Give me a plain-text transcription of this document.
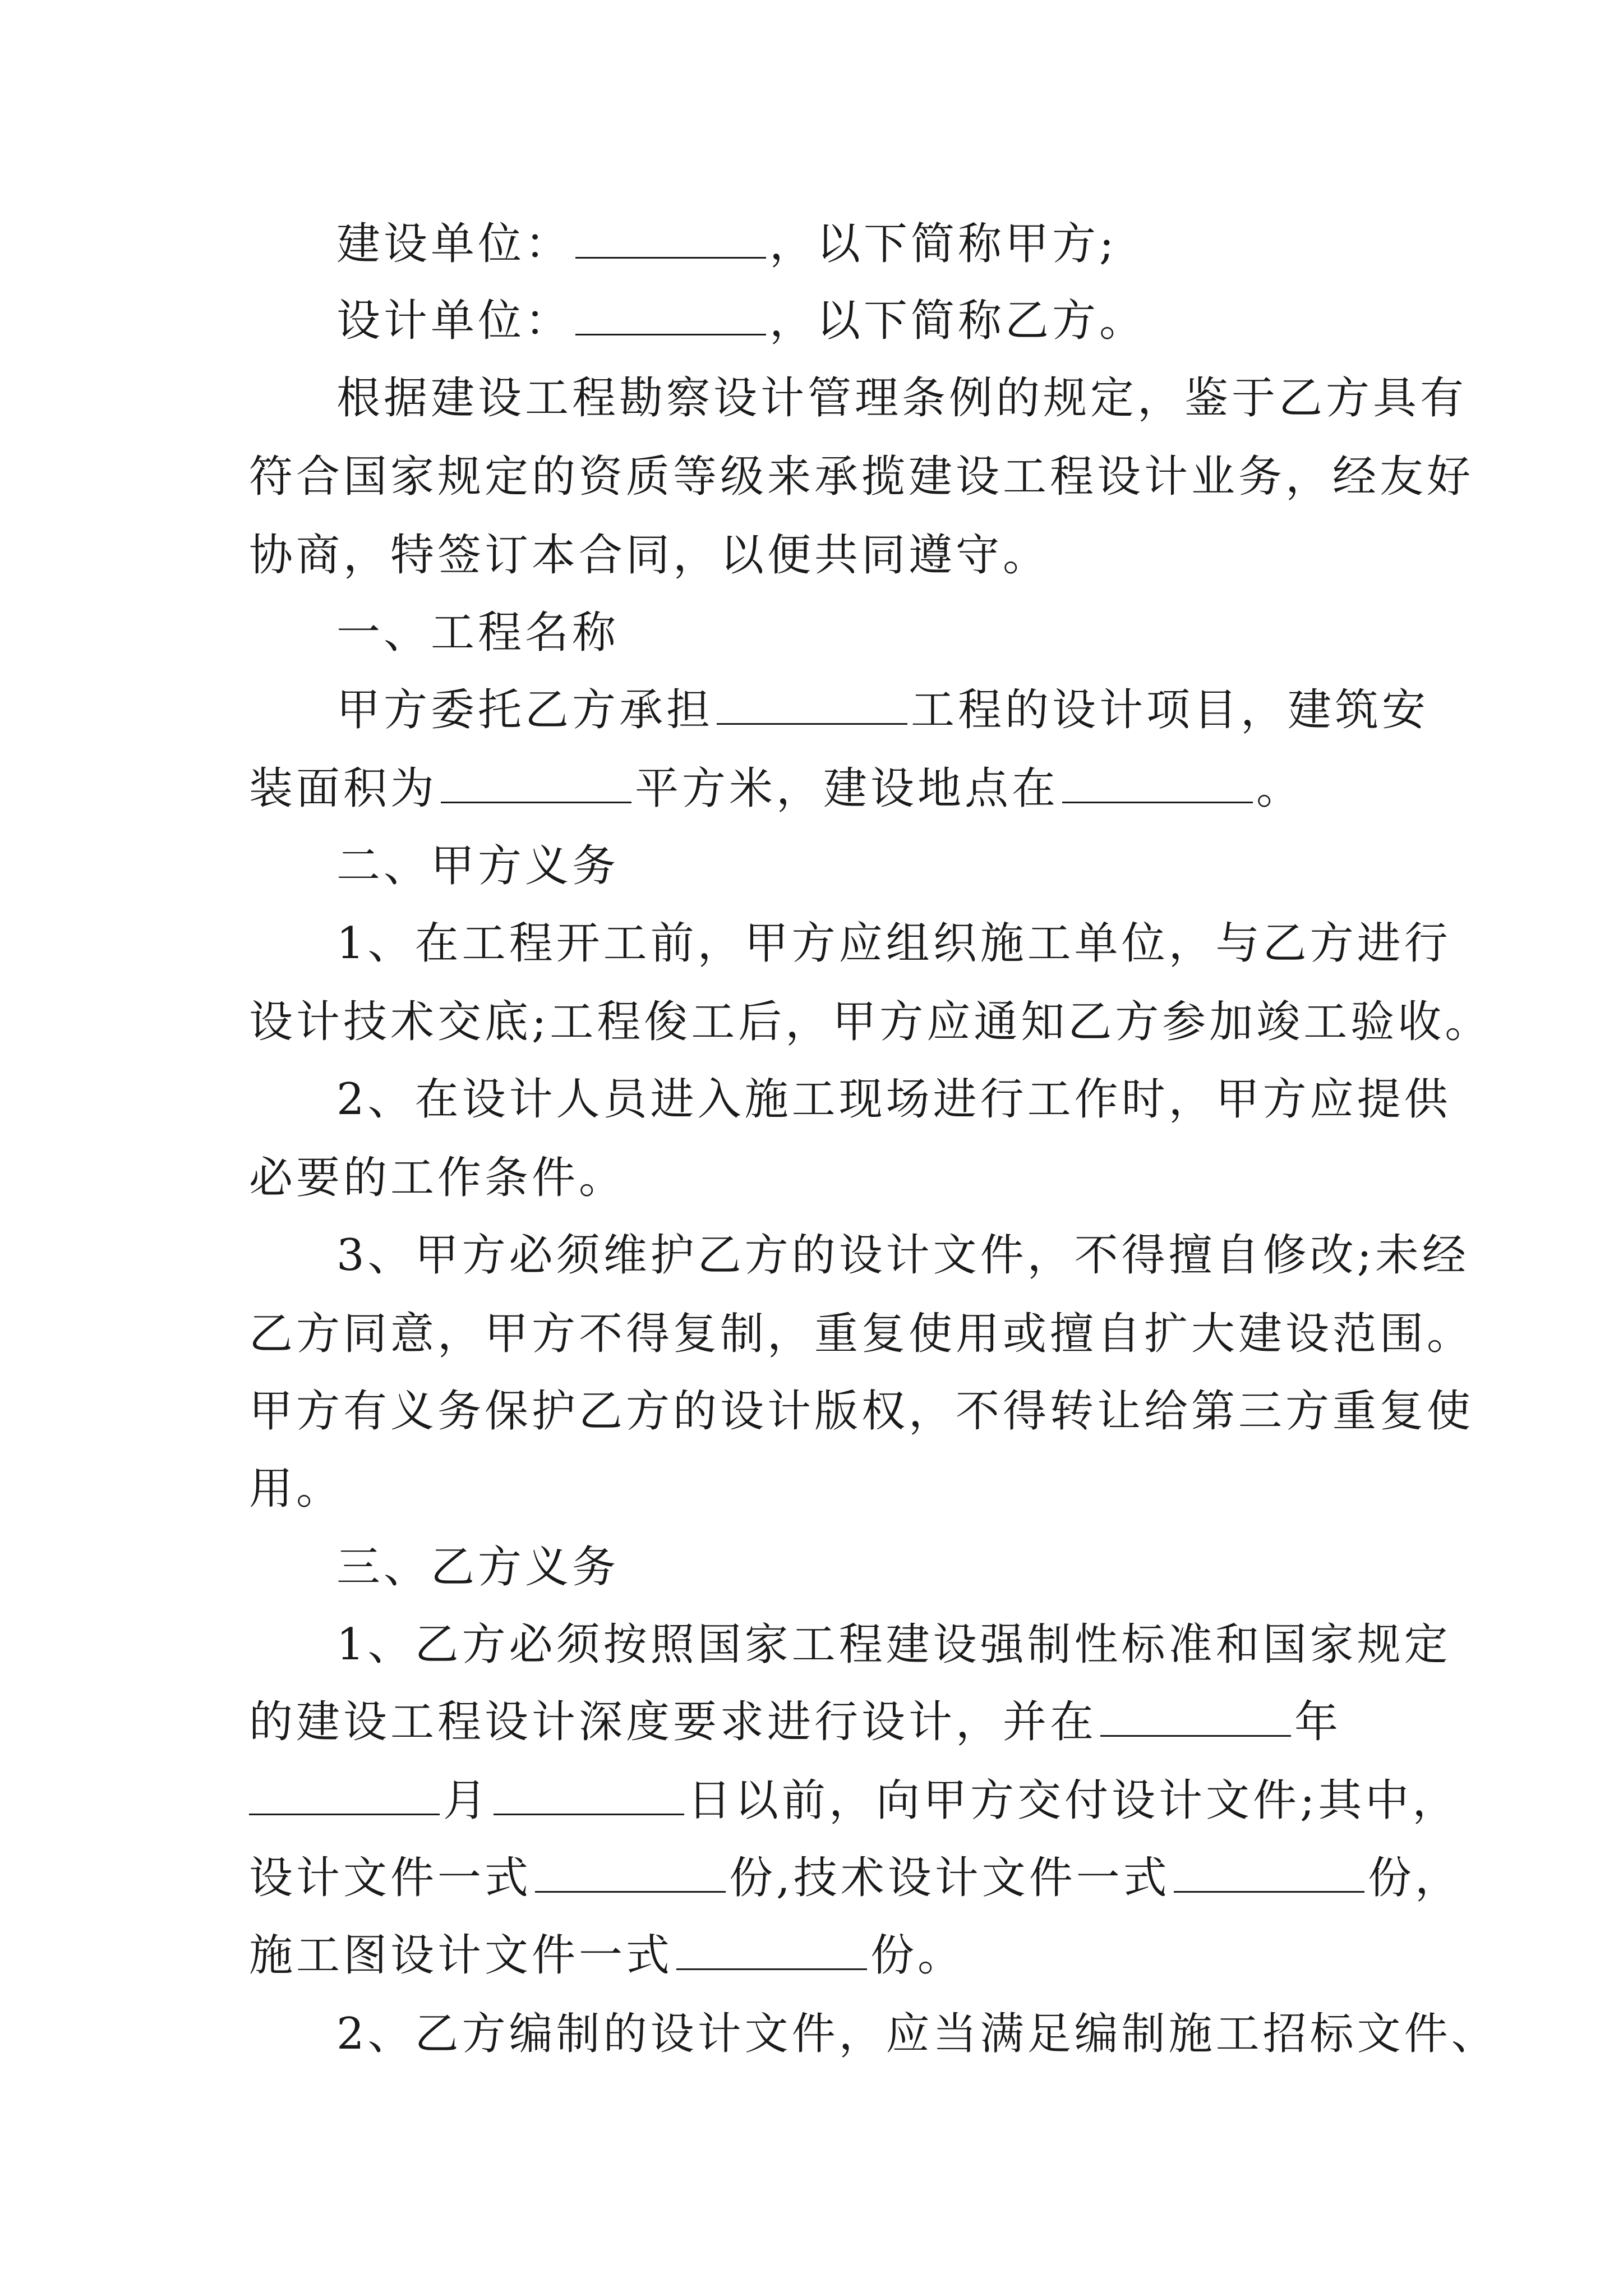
建设单位：	，以下简称甲方;
设计单位：	，以下简称乙方。
根据建设工程勘察设计管理条例的规定，鉴于乙方具有
符合国家规定的资质等级来承揽建设工程设计业务，经友好
协商，特签订本合同，以便共同遵守。
一、工程名称
甲方委托乙方承担	工程的设计项目，建筑安
装面积为	平方米，建设地点在	。
二、甲方义务
1、在工程开工前，甲方应组织施工单位，与乙方进行
设计技术交底;工程俊工后，甲方应通知乙方参加竣工验收。
2、在设计人员进入施工现场进行工作时，甲方应提供
必要的工作条件。
3、甲方必须维护乙方的设计文件，不得擅自修改;未经
乙方同意，甲方不得复制，重复使用或擅自扩大建设范围。
甲方有义务保护乙方的设计版权，不得转让给第三方重复使
用。
三、乙方义务
1、乙方必须按照国家工程建设强制性标准和国家规定
的建设工程设计深度要求进行设计，并在	年
月	日以前，向甲方交付设计文件;其中，
设计文件一式	份,技术设计文件一式	份，
施工图设计文件一式	份。
2、乙方编制的设计文件，应当满足编制施工招标文件、
